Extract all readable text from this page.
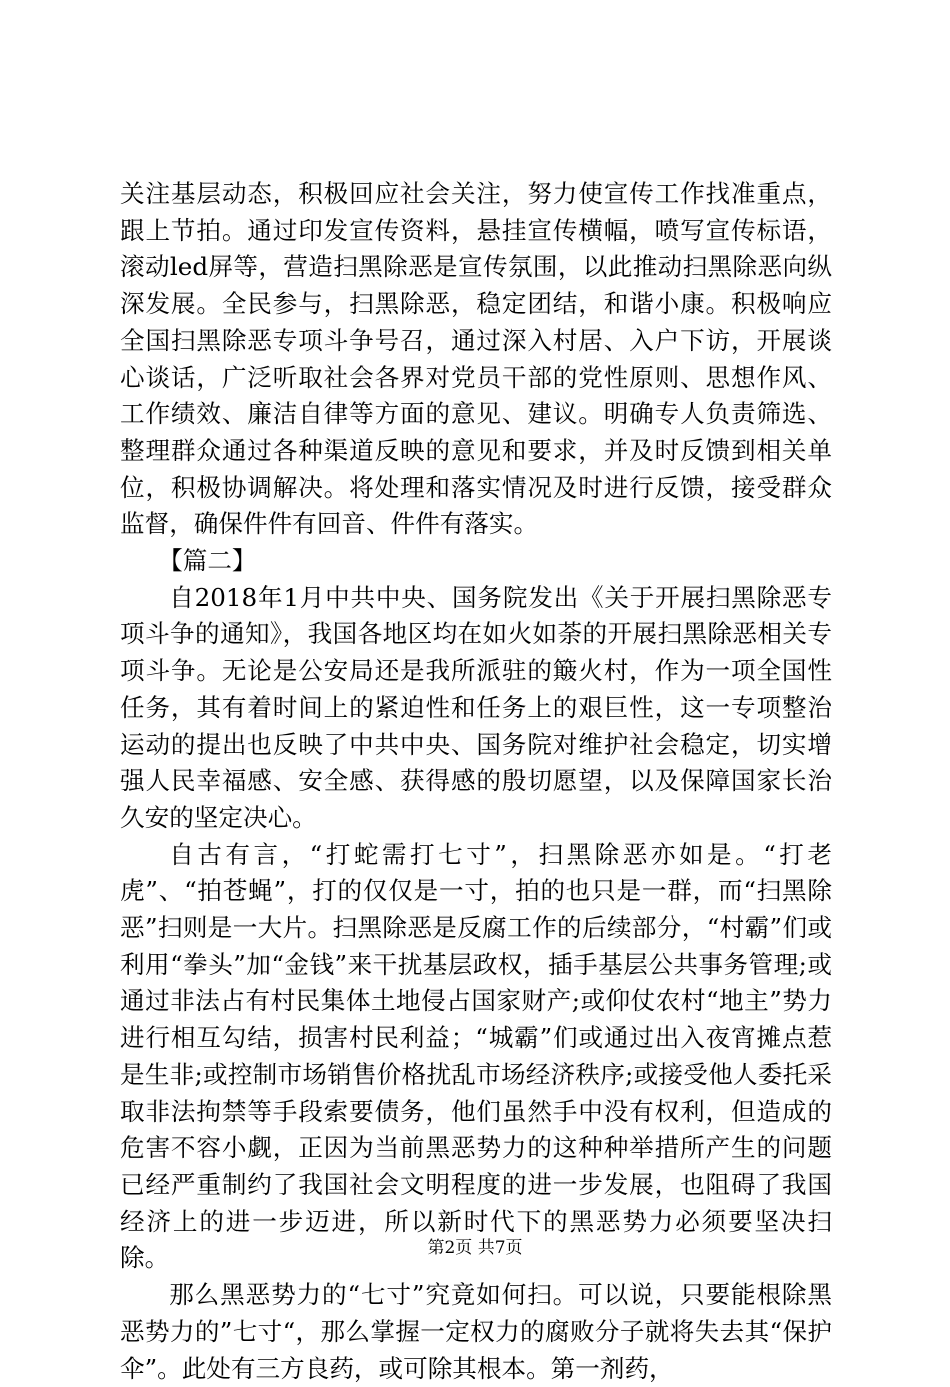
关注基层动态，积极回应社会关注，努力使宣传工作找准重点，跟上节拍。通过印发宣传资料，悬挂宣传横幅，喷写宣传标语，滚动led屏等，营造扫黑除恶是宣传氛围，以此推动扫黑除恶向纵深发展。全民参与，扫黑除恶，稳定团结，和谐小康。积极响应全国扫黑除恶专项斗争号召，通过深入村居、入户下访，开展谈心谈话，广泛听取社会各界对党员干部的党性原则、思想作风、工作绩效、廉洁自律等方面的意见、建议。明确专人负责筛选、整理群众通过各种渠道反映的意见和要求，并及时反馈到相关单位，积极协调解决。将处理和落实情况及时进行反馈，接受群众监督，确保件件有回音、件件有落实。

【篇二】

自2018年1月中共中央、国务院发出《关于开展扫黑除恶专项斗争的通知》，我国各地区均在如火如荼的开展扫黑除恶相关专项斗争。无论是公安局还是我所派驻的簸火村，作为一项全国性任务，其有着时间上的紧迫性和任务上的艰巨性，这一专项整治运动的提出也反映了中共中央、国务院对维护社会稳定，切实增强人民幸福感、安全感、获得感的殷切愿望，以及保障国家长治久安的坚定决心。

自古有言，“打蛇需打七寸”，扫黑除恶亦如是。“打老虎”、“拍苍蝇”，打的仅仅是一寸，拍的也只是一群，而“扫黑除恶”扫则是一大片。扫黑除恶是反腐工作的后续部分，“村霸”们或利用“拳头”加“金钱”来干扰基层政权，插手基层公共事务管理;或通过非法占有村民集体土地侵占国家财产;或仰仗农村“地主”势力进行相互勾结，损害村民利益；“城霸”们或通过出入夜宵摊点惹是生非;或控制市场销售价格扰乱市场经济秩序;或接受他人委托采取非法拘禁等手段索要债务，他们虽然手中没有权利，但造成的危害不容小觑，正因为当前黑恶势力的这种种举措所产生的问题已经严重制约了我国社会文明程度的进一步发展，也阻碍了我国经济上的进一步迈进，所以新时代下的黑恶势力必须要坚决扫除。

那么黑恶势力的“七寸”究竟如何扫。可以说，只要能根除黑恶势力的”七寸“，那么掌握一定权力的腐败分子就将失去其“保护伞”。此处有三方良药，或可除其根本。第一剂药，

第2页 共7页
